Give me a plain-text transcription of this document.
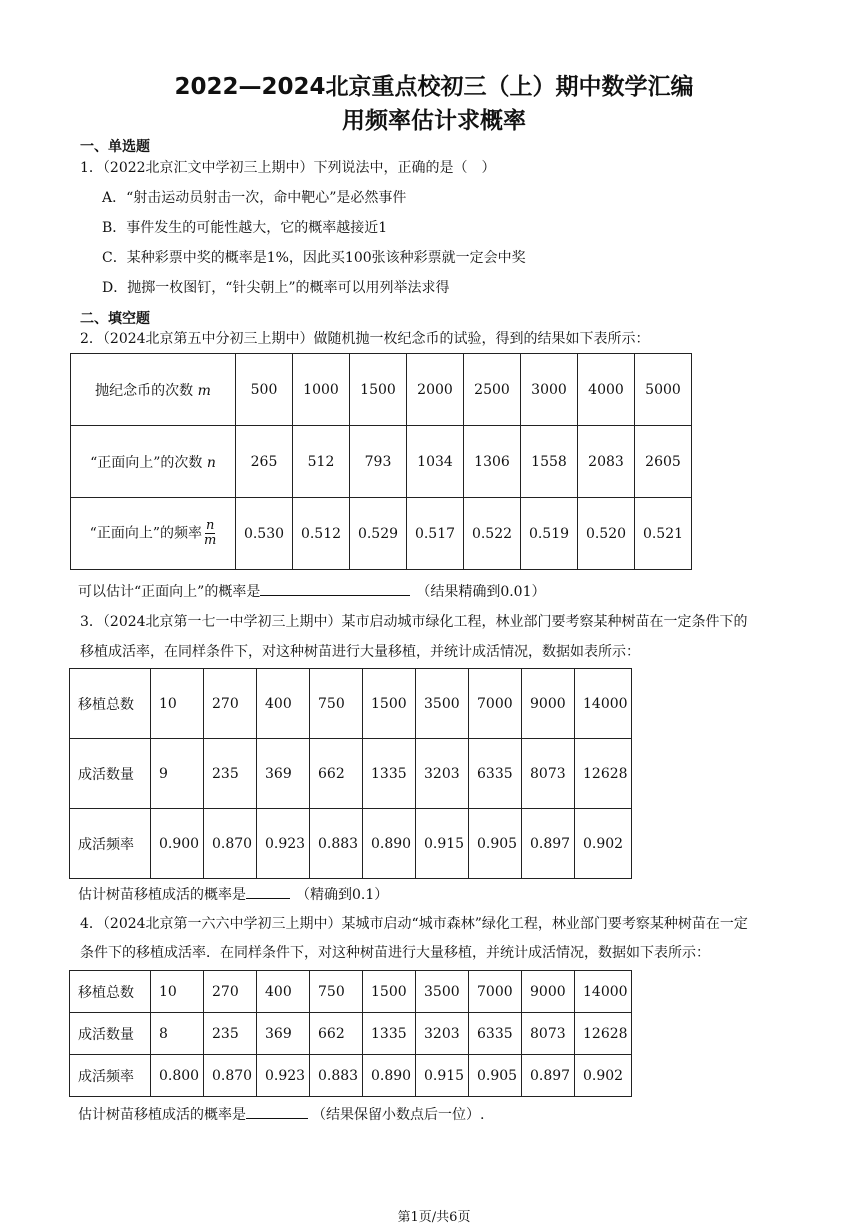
2022—2024北京重点校初三（上）期中数学汇编
用频率估计求概率
一、单选题
1．（2022北京汇文中学初三上期中）下列说法中，正确的是（　）
A．“射击运动员射击一次，命中靶心”是必然事件
B．事件发生的可能性越大，它的概率越接近1
C．某种彩票中奖的概率是1%，因此买100张该种彩票就一定会中奖
D．抛掷一枚图钉，“针尖朝上”的概率可以用列举法求得
二、填空题
2．（2024北京第五中分初三上期中）做随机抛一枚纪念币的试验，得到的结果如下表所示：
抛纪念币的次数 m	500	1000	1500	2000	2500	3000	4000	5000
“正面向上”的次数 n	265	512	793	1034	1306	1558	2083	2605
“正面向上”的频率 $\frac{n}{m}$	0.530	0.512	0.529	0.517	0.522	0.519	0.520	0.521
可以估计“正面向上”的概率是	（结果精确到0.01）
3．（2024北京第一七一中学初三上期中）某市启动城市绿化工程，林业部门要考察某种树苗在一定条件下的
移植成活率，在同样条件下，对这种树苗进行大量移植，并统计成活情况，数据如表所示：
移植总数	10	270	400	750	1500	3500	7000	9000	14000
成活数量	9	235	369	662	1335	3203	6335	8073	12628
成活频率	0.900	0.870	0.923	0.883	0.890	0.915	0.905	0.897	0.902
估计树苗移植成活的概率是	（精确到0.1）
4．（2024北京第一六六中学初三上期中）某城市启动“城市森林”绿化工程，林业部门要考察某种树苗在一定
条件下的移植成活率．在同样条件下，对这种树苗进行大量移植，并统计成活情况，数据如下表所示：
移植总数	10	270	400	750	1500	3500	7000	9000	14000
成活数量	8	235	369	662	1335	3203	6335	8073	12628
成活频率	0.800	0.870	0.923	0.883	0.890	0.915	0.905	0.897	0.902
估计树苗移植成活的概率是	（结果保留小数点后一位）.
第1页/共6页
